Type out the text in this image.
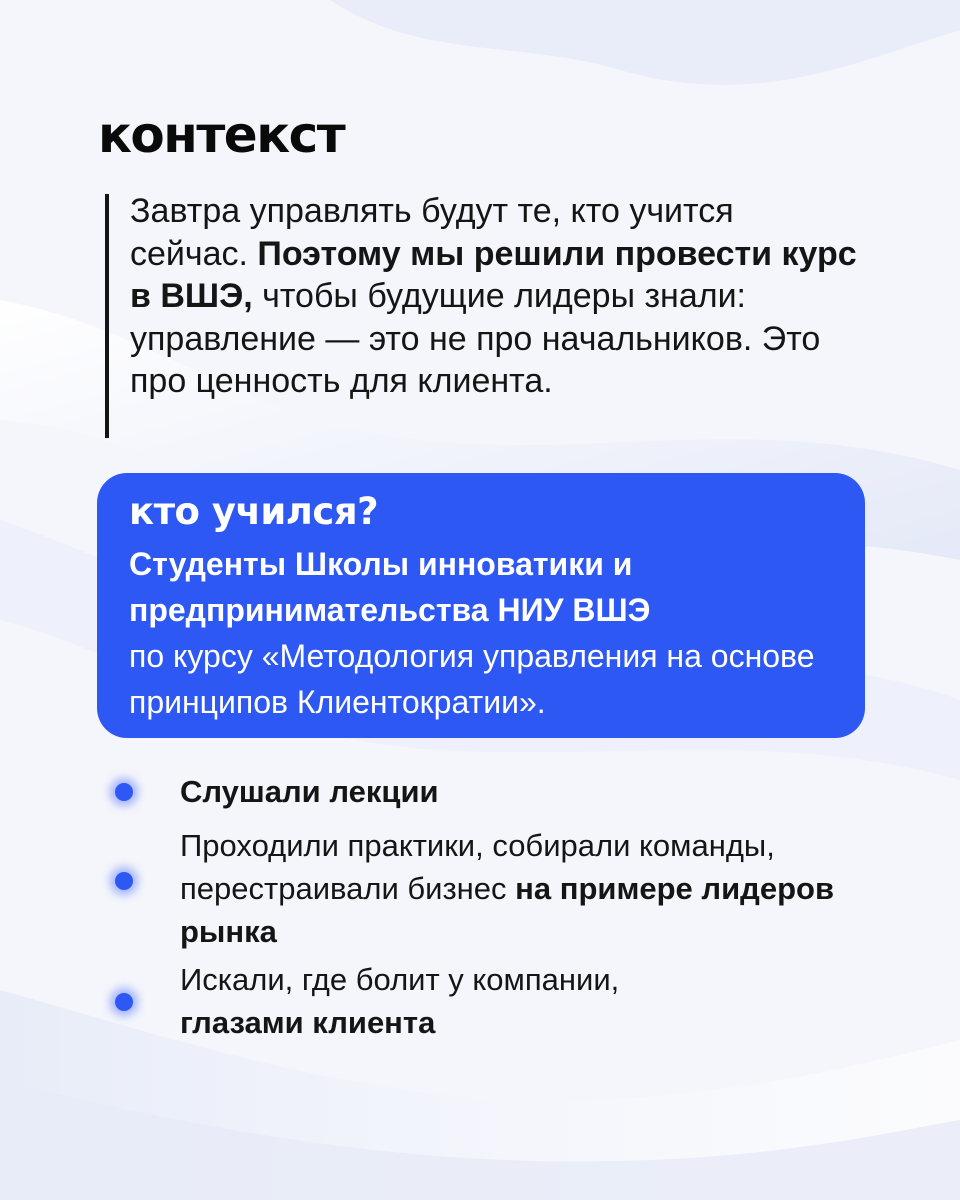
контекст

Завтра управлять будут те, кто учится сейчас. Поэтому мы решили провести курс в ВШЭ, чтобы будущие лидеры знали: управление — это не про начальников. Это про ценность для клиента.

кто учился?

Студенты Школы инноватики и предпринимательства НИУ ВШЭ
по курсу «Методология управления на основе принципов Клиентократии».

Слушали лекции

Проходили практики, собирали команды, перестраивали бизнес на примере лидеров рынка

Искали, где болит у компании,
глазами клиента
